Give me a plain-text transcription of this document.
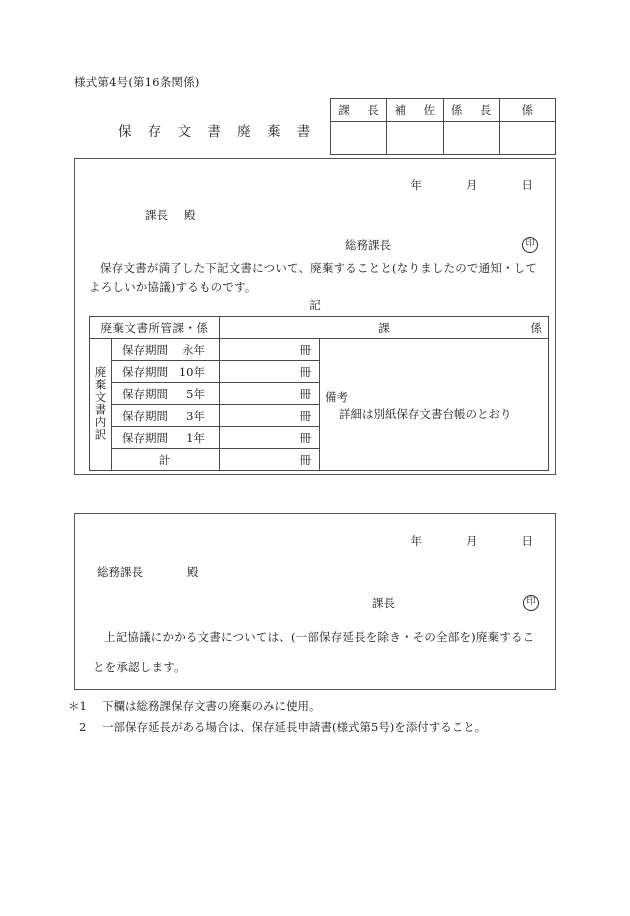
様式第4号(第16条関係)
保 存 文 書 廃 棄 書
課　長	補　佐	係　長	係

年	月	日
課長 殿
総務課長	印
保存文書が満了した下記文書について、廃棄することと(なりましたので通知・してよろしいか協議)するものです。
記
廃棄文書所管課・係		課 係	

廃棄文書内訳	保存期間 永年	冊	備考
詳細は別紙保存文書台帳のとおり

	保存期間 10年	冊	

	保存期間 5年	冊	

	保存期間 3年	冊	

	保存期間 1年	冊	

	計	冊	
年	月	日
総務課長	殿
課長	印
上記協議にかかる文書については、(一部保存延長を除き・その全部を)廃棄することを承認します。
＊1 下欄は総務課保存文書の廃棄のみに使用。
2 一部保存延長がある場合は、保存延長申請書(様式第5号)を添付すること。
